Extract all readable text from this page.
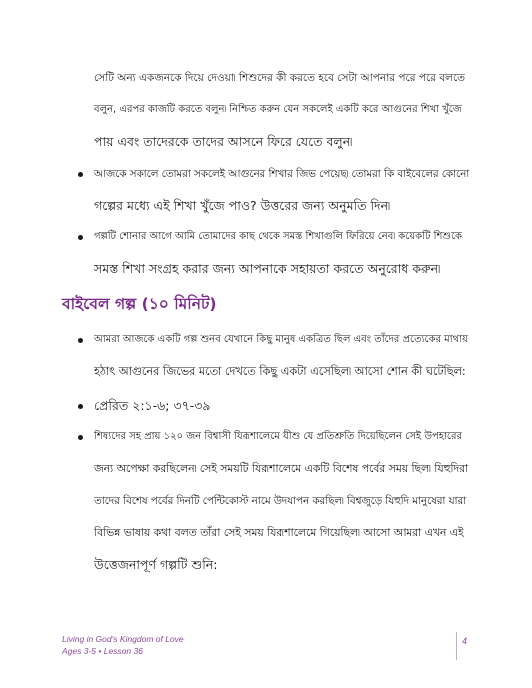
সেটি অন্য একজনকে দিয়ে দেওয়া৷ শিশুদের কী করতে হবে সেটা আপনার পরে পরে বলতে
বলুন, এরপর কাজটি করতে বলুন৷ নিশ্চিত করুন যেন সকলেই একটি করে আগুনের শিখা খুঁজে
পায় এবং তাদেরকে তাদের আসনে ফিরে যেতে বলুন৷
আজকে সকালে তোমরা সকলেই আগুনের শিখার জিভ পেয়েছ৷ তোমরা কি বাইবেলের কোনো
গল্পের মধ্যে এই শিখা খুঁজে পাও? উত্তরের জন্য অনুমতি দিন৷
গল্পটি শোনার আগে আমি তোমাদের কাছ থেকে সমস্ত শিখাগুলি ফিরিয়ে নেব৷ কয়েকটি শিশুকে
সমস্ত শিখা সংগ্রহ করার জন্য আপনাকে সহায়তা করতে অনুরোধ করুন৷
বাইবেল গল্প (১০ মিনিট)
আমরা আজকে একটি গল্প শুনব যেখানে কিছু মানুষ একত্রিত ছিল এবং তাঁদের প্রত্যেকের মাথায়
হঠাৎ আগুনের জিভের মতো দেখতে কিছু একটা এসেছিল৷ আসো শোন কী ঘটেছিল:
প্রেরিত ২:১-৬; ৩৭-৩৯
শিষ্যদের সহ প্রায় ১২০ জন বিশ্বাসী যিরূশালেমে যীশু যে প্রতিশ্রুতি দিয়েছিলেন সেই উপহারের
জন্য অপেক্ষা করছিলেন৷ সেই সময়টি যিরূশালেমে একটি বিশেষ পর্বের সময় ছিল৷ যিহুদিরা
তাদের বিশেষ পর্বের দিনটি পেন্টিকোস্ট নামে উদযাপন করছিল৷ বিশ্বজুড়ে যিহুদি মানুষেরা যারা
বিভিন্ন ভাষায় কথা বলত তাঁরা সেই সময় যিরূশালেমে গিয়েছিল৷ আসো আমরা এখন এই
উত্তেজনাপূর্ণ গল্পটি শুনি:
Living in God's Kingdom of Love
Ages 3-5 • Lesson 36
4
